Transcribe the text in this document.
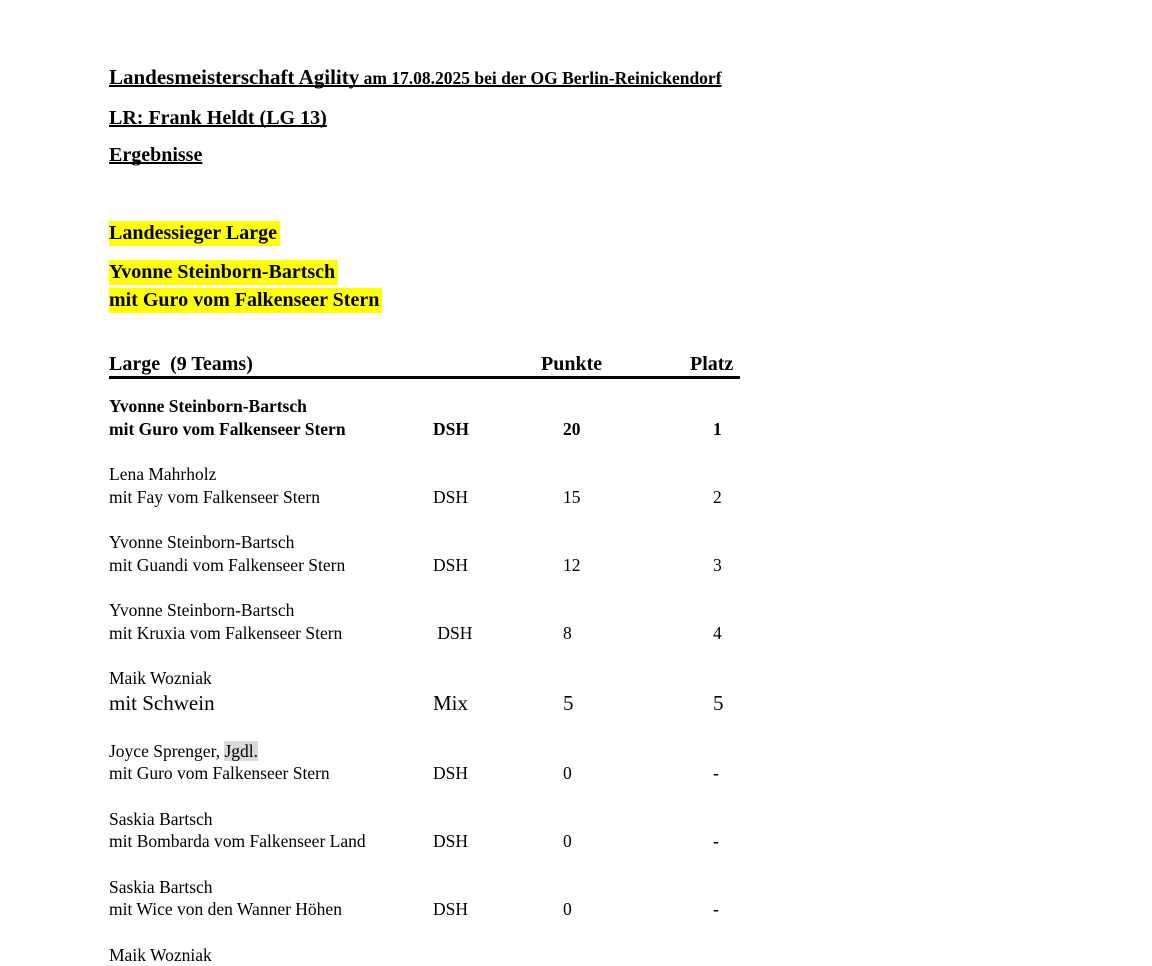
Landesmeisterschaft Agility am 17.08.2025 bei der OG Berlin-Reinickendorf
LR: Frank Heldt (LG 13)
Ergebnisse
Landessieger Large
Yvonne Steinborn-Bartsch
mit Guro vom Falkenseer Stern
Large  (9 Teams)	Punkte	Platz
Yvonne Steinborn-Bartsch
mit Guro vom Falkenseer Stern	DSH	20	1
Lena Mahrholz
mit Fay vom Falkenseer Stern	DSH	15	2
Yvonne Steinborn-Bartsch
mit Guandi vom Falkenseer Stern	DSH	12	3
Yvonne Steinborn-Bartsch
mit Kruxia vom Falkenseer Stern	DSH	8	4
Maik Wozniak
mit Schwein	Mix	5	5
Joyce Sprenger, Jgdl.
mit Guro vom Falkenseer Stern	DSH	0	-
Saskia Bartsch
mit Bombarda vom Falkenseer Land	DSH	0	-
Saskia Bartsch
mit Wice von den Wanner Höhen	DSH	0	-
Maik Wozniak
